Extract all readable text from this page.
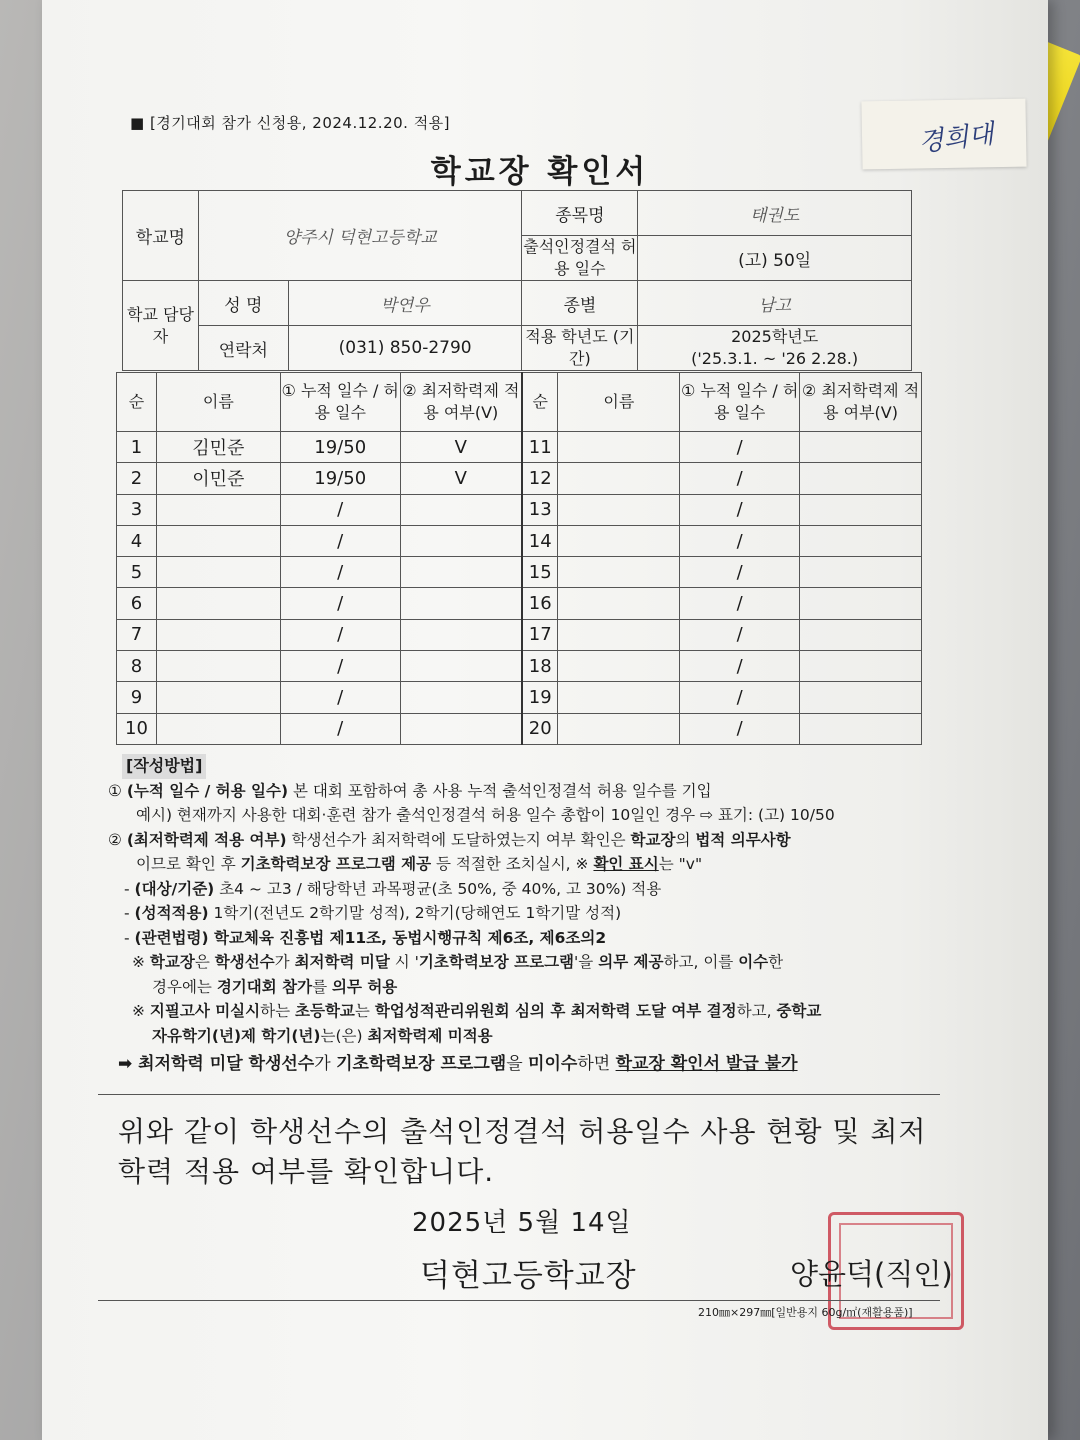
경희대
■ [경기대회 참가 신청용, 2024.12.20. 적용]
학교장 확인서
학교명	양주시 덕현고등학교		종목명	태권도
			출석인정결석 허용 일수	(고) 50일
학교 담당자	성 명	박연우	종별	남고
	연락처	(031) 850-2790	적용 학년도 (기간)	2025학년도
('25.3.1. ~ '26 2.28.)
순	이름	① 누적 일수 / 허용 일수	② 최저학력제 적용 여부(V)	순	이름	① 누적 일수 / 허용 일수	② 최저학력제 적용 여부(V)
1	김민준	19/50	V	11		/	
2	이민준	19/50	V	12		/	
3		/		13		/	
4		/		14		/	
5		/		15		/	
6		/		16		/	
7		/		17		/	
8		/		18		/	
9		/		19		/	
10		/		20		/	
[작성방법]
① (누적 일수 / 허용 일수) 본 대회 포함하여 총 사용 누적 출석인정결석 허용 일수를 기입
예시) 현재까지 사용한 대회·훈련 참가 출석인정결석 허용 일수 총합이 10일인 경우 ⇨ 표기: (고) 10/50
② (최저학력제 적용 여부) 학생선수가 최저학력에 도달하였는지 여부 확인은 학교장의 법적 의무사항
이므로 확인 후 기초학력보장 프로그램 제공 등 적절한 조치실시, ※ 확인 표시는 "v"
- (대상/기준) 초4 ~ 고3 / 해당학년 과목평균(초 50%, 중 40%, 고 30%) 적용
- (성적적용) 1학기(전년도 2학기말 성적), 2학기(당해연도 1학기말 성적)
- (관련법령) 학교체육 진흥법 제11조, 동법시행규칙 제6조, 제6조의2
※ 학교장은 학생선수가 최저학력 미달 시 '기초학력보장 프로그램'을 의무 제공하고, 이를 이수한
경우에는 경기대회 참가를 의무 허용
※ 지필고사 미실시하는 초등학교는 학업성적관리위원회 심의 후 최저학력 도달 여부 결정하고, 중학교
자유학기(년)제 학기(년)는(은) 최저학력제 미적용
➡ 최저학력 미달 학생선수가 기초학력보장 프로그램을 미이수하면 학교장 확인서 발급 불가
위와 같이 학생선수의 출석인정결석 허용일수 사용 현황 및 최저학력 적용 여부를 확인합니다.
2025년 5월 14일
덕현고등학교장	양윤덕(직인)
210㎜×297㎜[일반용지 60g/㎡(재활용품)]
